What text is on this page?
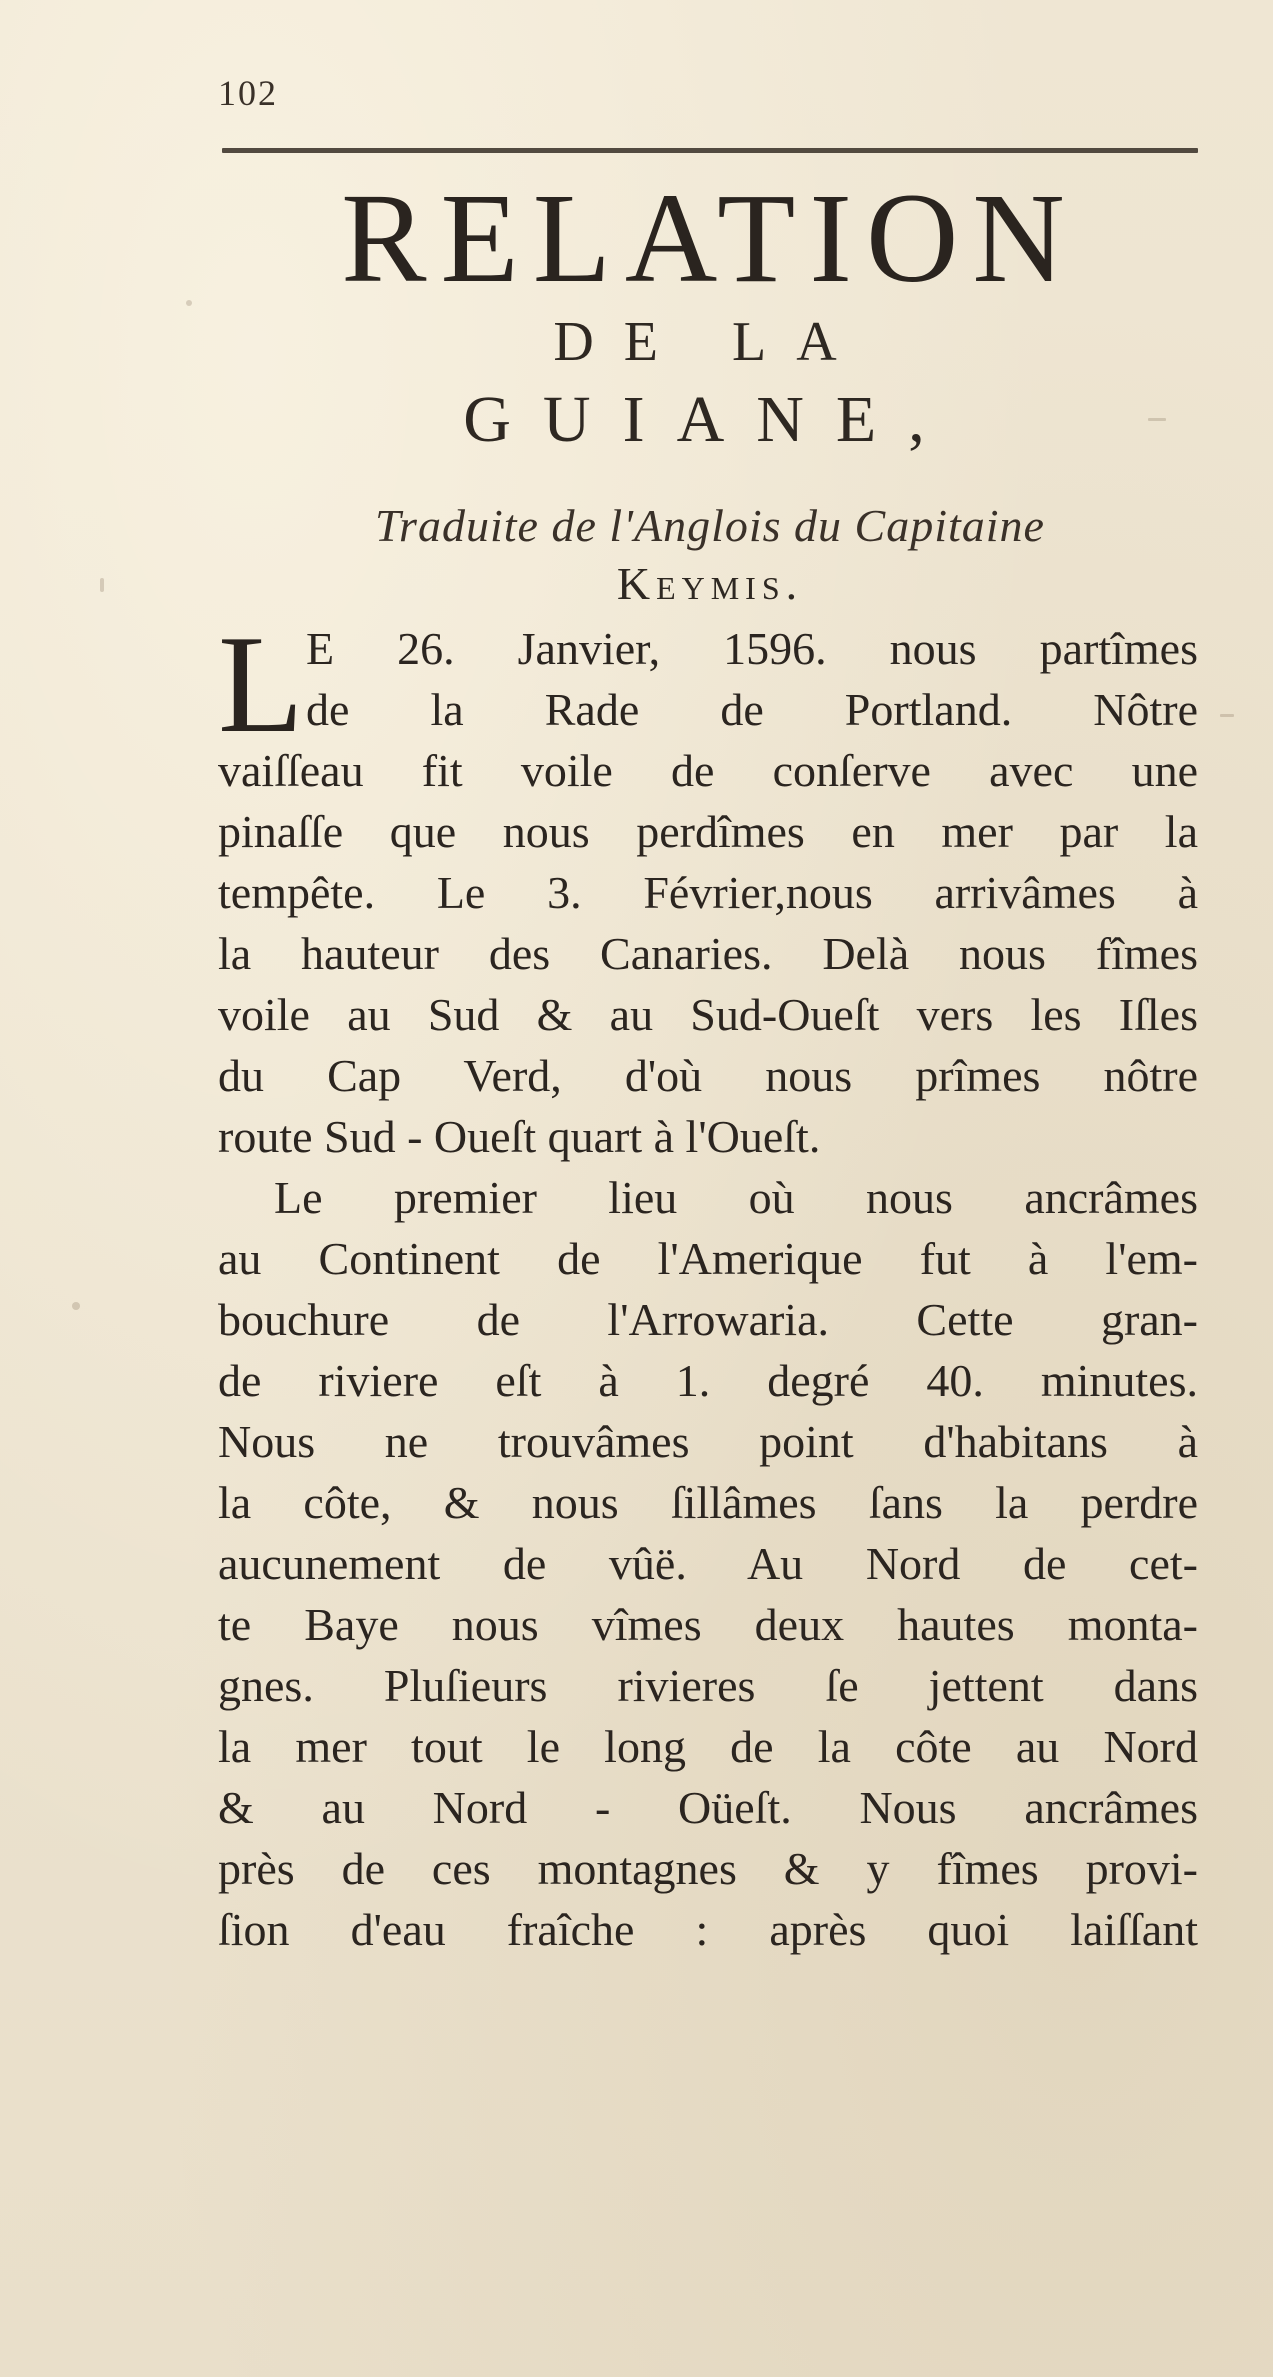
102
RELATION
DE LA
GUIANE,
Traduite de l'Anglois du Capitaine
Keymis.
L E 26. Janvier, 1596. nous partîmes
de la Rade de Portland. Nôtre
vaiſſeau fit voile de conſerve avec une
pinaſſe que nous perdîmes en mer par la
tempête. Le 3. Février,nous arrivâmes à
la hauteur des Canaries. Delà nous fîmes
voile au Sud & au Sud-Oueſt vers les Iſles
du Cap Verd, d'où nous prîmes nôtre
route Sud - Oueſt quart à l'Oueſt.
Le premier lieu où nous ancrâmes
au Continent de l'Amerique fut à l'em-
bouchure de l'Arrowaria. Cette gran-
de riviere eſt à 1. degré 40. minutes.
Nous ne trouvâmes point d'habitans à
la côte, & nous ſillâmes ſans la perdre
aucunement de vûë. Au Nord de cet-
te Baye nous vîmes deux hautes monta-
gnes. Pluſieurs rivieres ſe jettent dans
la mer tout le long de la côte au Nord
& au Nord - Oüeſt. Nous ancrâmes
près de ces montagnes & y fîmes provi-
ſion d'eau fraîche : après quoi laiſſant
